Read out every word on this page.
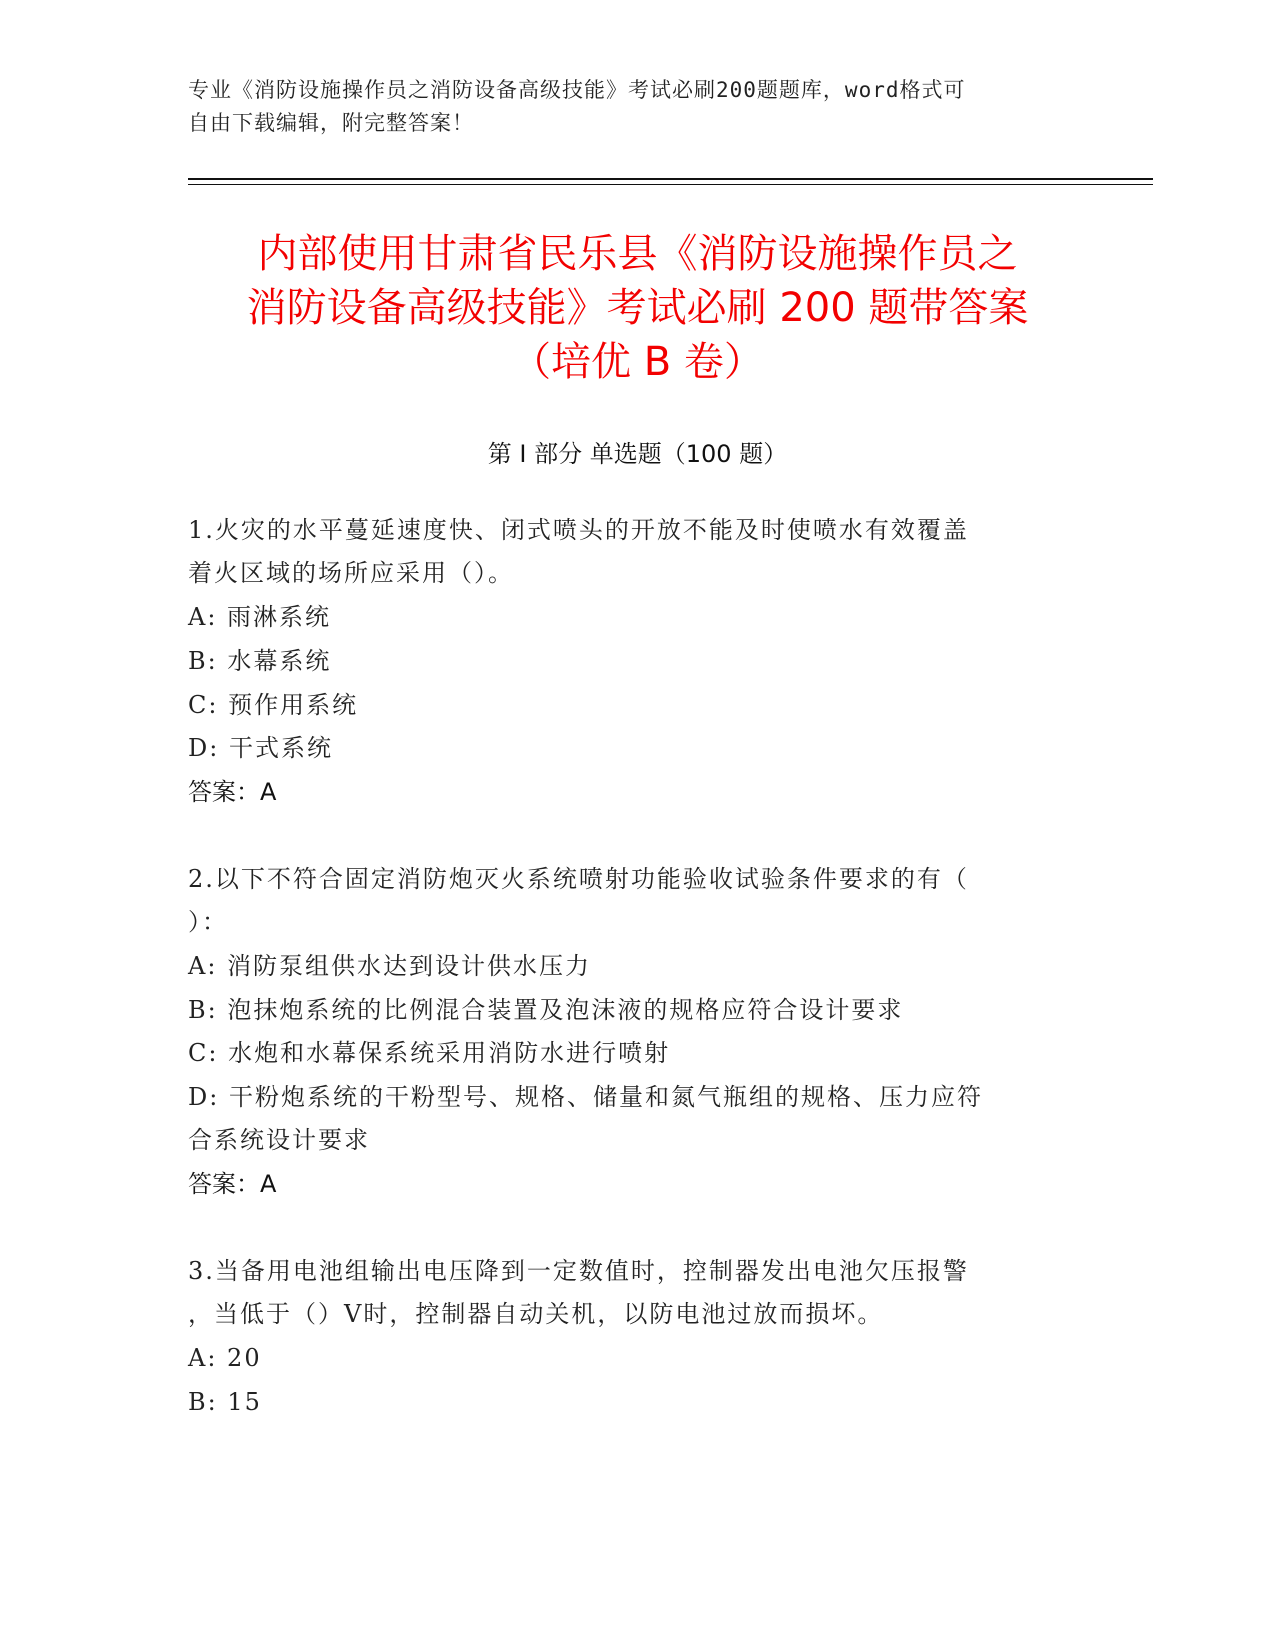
专业《消防设施操作员之消防设备高级技能》考试必刷200题题库，word格式可
自由下载编辑，附完整答案！
内部使用甘肃省民乐县《消防设施操作员之
消防设备高级技能》考试必刷 200 题带答案
（培优 B 卷）
第 I 部分 单选题（100 题）
1.火灾的水平蔓延速度快、闭式喷头的开放不能及时使喷水有效覆盖
着火区域的场所应采用（）。
A: 雨淋系统
B: 水幕系统
C: 预作用系统
D: 干式系统
答案：A
2.以下不符合固定消防炮灭火系统喷射功能验收试验条件要求的有（
）：
A: 消防泵组供水达到设计供水压力
B: 泡抹炮系统的比例混合装置及泡沫液的规格应符合设计要求
C: 水炮和水幕保系统采用消防水进行喷射
D: 干粉炮系统的干粉型号、规格、储量和氮气瓶组的规格、压力应符
合系统设计要求
答案：A
3.当备用电池组输出电压降到一定数值时，控制器发出电池欠压报警
，当低于（）V时，控制器自动关机，以防电池过放而损坏。
A: 20
B: 15
